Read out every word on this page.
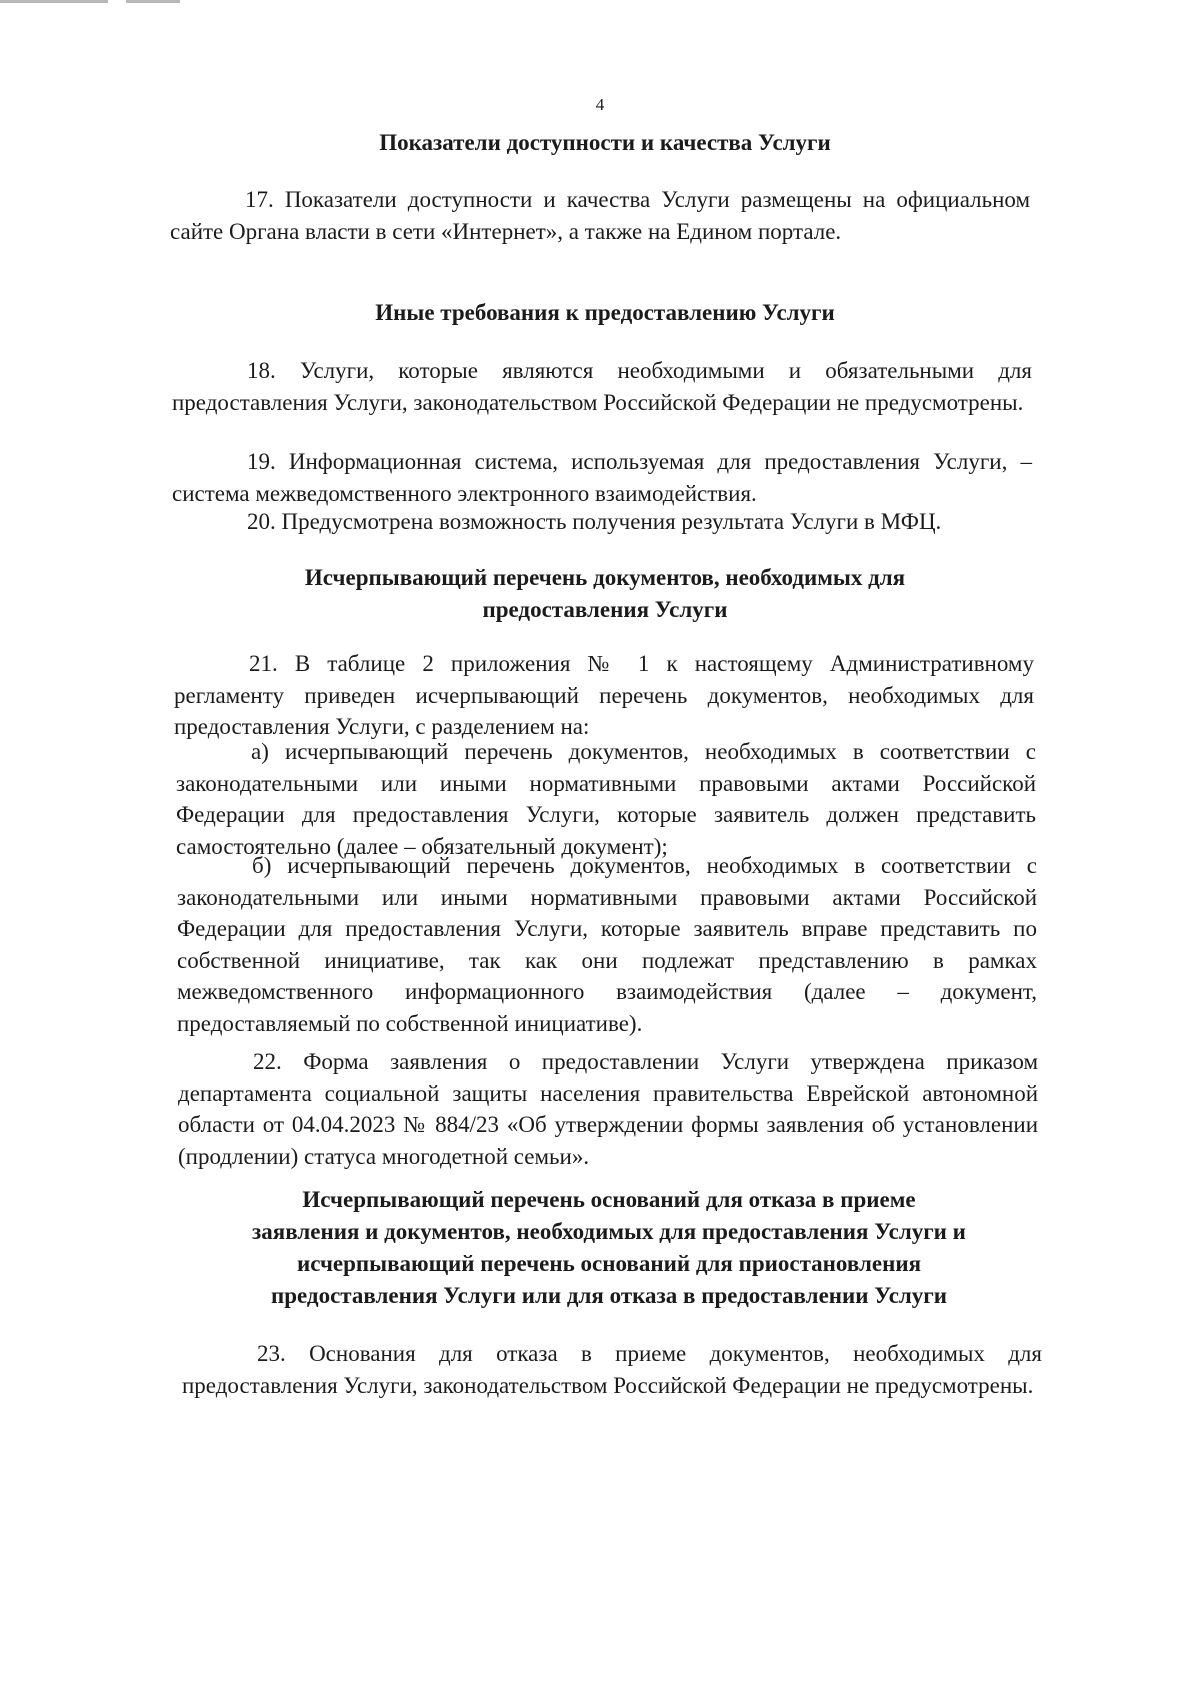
4
Показатели доступности и качества Услуги
17. Показатели доступности и качества Услуги размещены на официальном сайте Органа власти в сети «Интернет», а также на Едином портале.
Иные требования к предоставлению Услуги
18. Услуги, которые являются необходимыми и обязательными для предоставления Услуги, законодательством Российской Федерации не предусмотрены.
19. Информационная система, используемая для предоставления Услуги, – система межведомственного электронного взаимодействия.
20. Предусмотрена возможность получения результата Услуги в МФЦ.
Исчерпывающий перечень документов, необходимых для
предоставления Услуги
21. В таблице 2 приложения № 1 к настоящему Административному регламенту приведен исчерпывающий перечень документов, необходимых для предоставления Услуги, с разделением на:
а) исчерпывающий перечень документов, необходимых в соответствии с законодательными или иными нормативными правовыми актами Российской Федерации для предоставления Услуги, которые заявитель должен представить самостоятельно (далее – обязательный документ);
б) исчерпывающий перечень документов, необходимых в соответствии с законодательными или иными нормативными правовыми актами Российской Федерации для предоставления Услуги, которые заявитель вправе представить по собственной инициативе, так как они подлежат представлению в рамках межведомственного информационного взаимодействия (далее – документ, предоставляемый по собственной инициативе).
22. Форма заявления о предоставлении Услуги утверждена приказом департамента социальной защиты населения правительства Еврейской автономной области от 04.04.2023 № 884/23 «Об утверждении формы заявления об установлении (продлении) статуса многодетной семьи».
Исчерпывающий перечень оснований для отказа в приеме
заявления и документов, необходимых для предоставления Услуги и
исчерпывающий перечень оснований для приостановления
предоставления Услуги или для отказа в предоставлении Услуги
23. Основания для отказа в приеме документов, необходимых для предоставления Услуги, законодательством Российской Федерации не предусмотрены.
